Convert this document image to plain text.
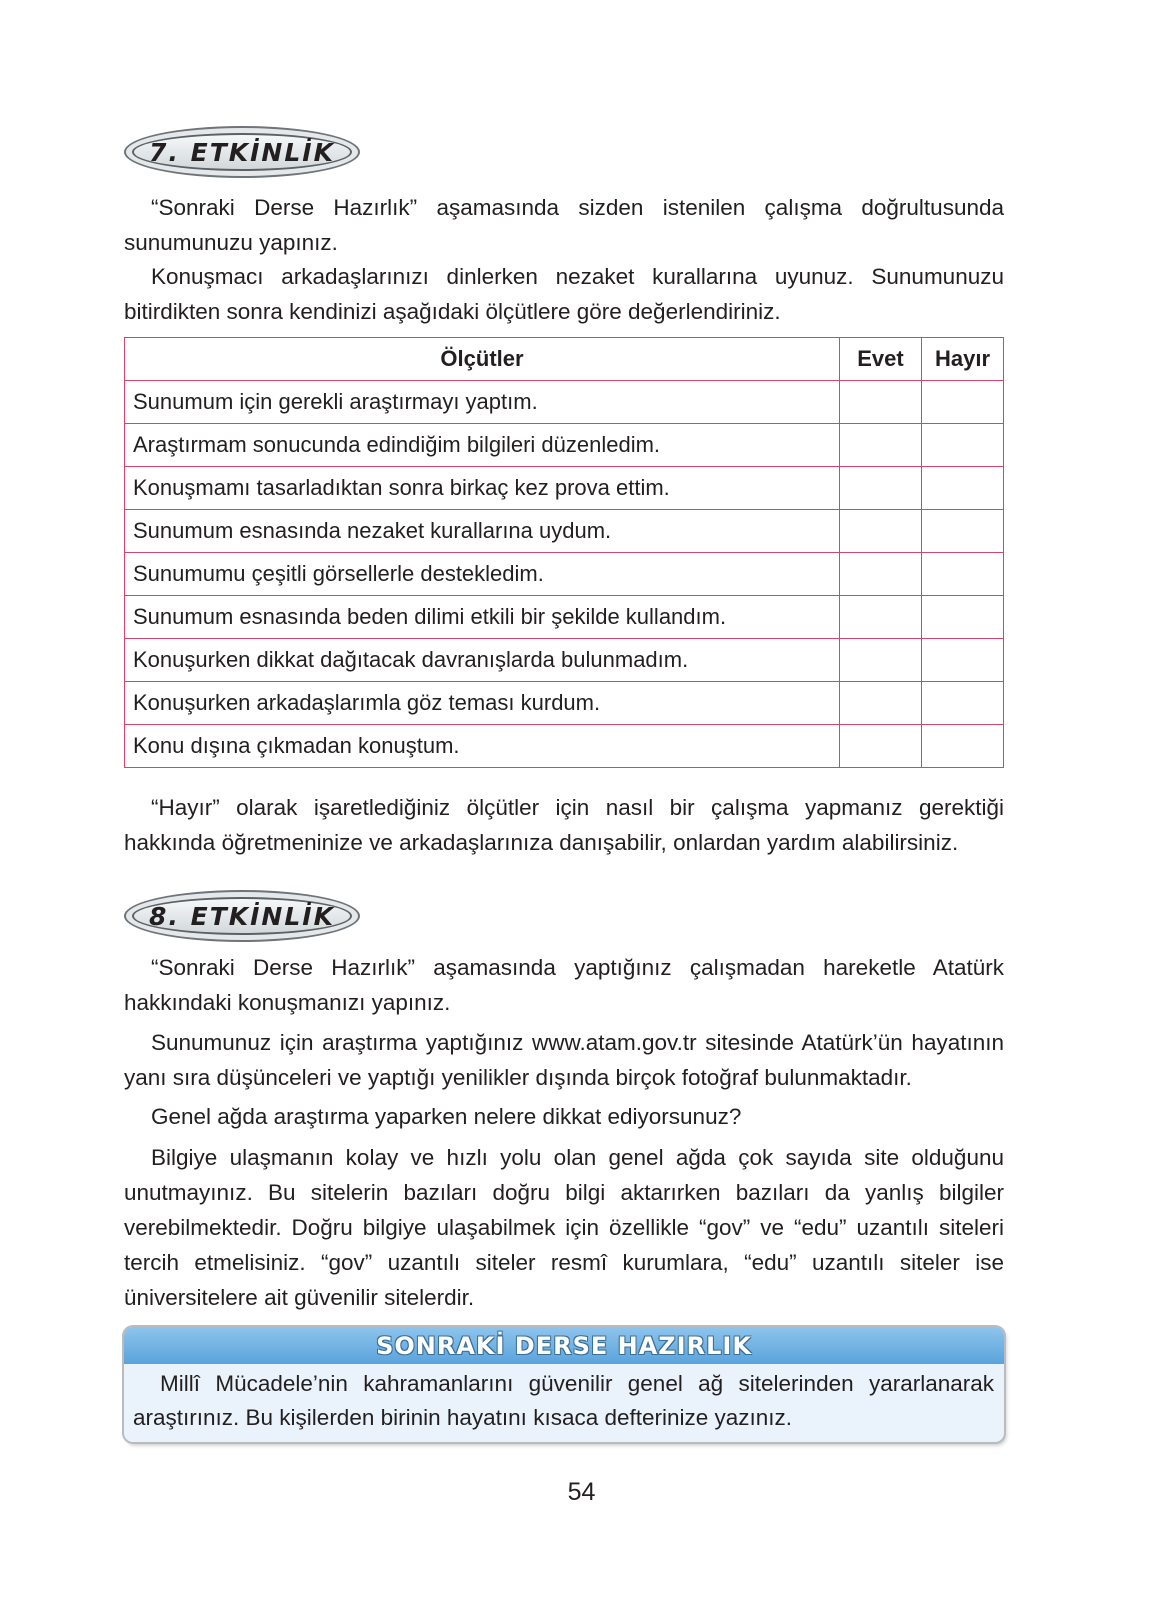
7. ETKİNLİK

“Sonraki Derse Hazırlık” aşamasında sizden istenilen çalışma doğrultusunda sunumunuzu yapınız.

Konuşmacı arkadaşlarınızı dinlerken nezaket kurallarına uyunuz. Sunumunuzu bitirdikten sonra kendinizi aşağıdaki ölçütlere göre değerlendiriniz.

Ölçütler	Evet	Hayır
Sunumum için gerekli araştırmayı yaptım.		
Araştırmam sonucunda edindiğim bilgileri düzenledim.		
Konuşmamı tasarladıktan sonra birkaç kez prova ettim.		
Sunumum esnasında nezaket kurallarına uydum.		
Sunumumu çeşitli görsellerle destekledim.		
Sunumum esnasında beden dilimi etkili bir şekilde kullandım.		
Konuşurken dikkat dağıtacak davranışlarda bulunmadım.		
Konuşurken arkadaşlarımla göz teması kurdum.		
Konu dışına çıkmadan konuştum.		

“Hayır” olarak işaretlediğiniz ölçütler için nasıl bir çalışma yapmanız gerektiği hakkında öğretmeninize ve arkadaşlarınıza danışabilir, onlardan yardım alabilirsiniz.

8. ETKİNLİK

“Sonraki Derse Hazırlık” aşamasında yaptığınız çalışmadan hareketle Atatürk hakkındaki konuşmanızı yapınız.

Sunumunuz için araştırma yaptığınız www.atam.gov.tr sitesinde Atatürk’ün hayatının yanı sıra düşünceleri ve yaptığı yenilikler dışında birçok fotoğraf bulunmaktadır.

Genel ağda araştırma yaparken nelere dikkat ediyorsunuz?

Bilgiye ulaşmanın kolay ve hızlı yolu olan genel ağda çok sayıda site olduğunu unutmayınız. Bu sitelerin bazıları doğru bilgi aktarırken bazıları da yanlış bilgiler verebilmektedir. Doğru bilgiye ulaşabilmek için özellikle “gov” ve “edu” uzantılı siteleri tercih etmelisiniz. “gov” uzantılı siteler resmî kurumlara, “edu” uzantılı siteler ise üniversitelere ait güvenilir sitelerdir.

SONRAKİ DERSE HAZIRLIK

Millî Mücadele’nin kahramanlarını güvenilir genel ağ sitelerinden yararlanarak araştırınız. Bu kişilerden birinin hayatını kısaca defterinize yazınız.

54
